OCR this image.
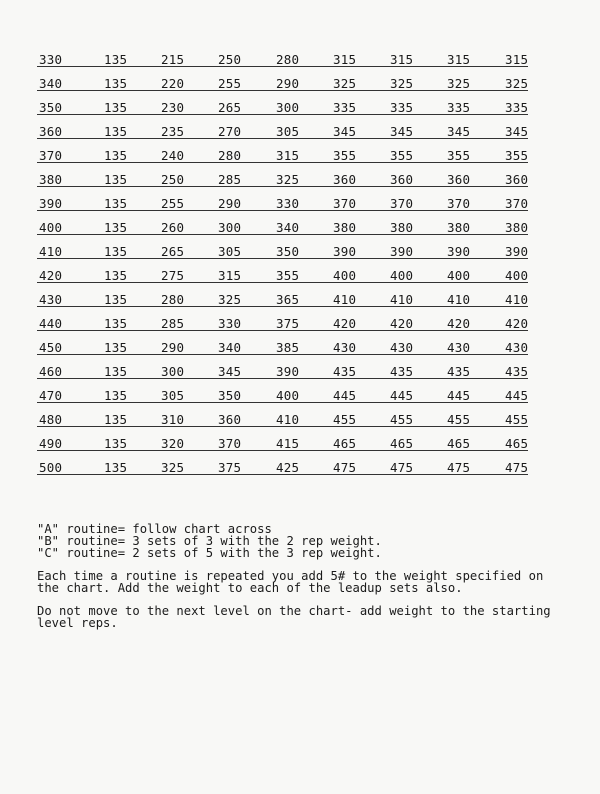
330	135	215	250	280	315	315	315	315
340	135	220	255	290	325	325	325	325
350	135	230	265	300	335	335	335	335
360	135	235	270	305	345	345	345	345
370	135	240	280	315	355	355	355	355
380	135	250	285	325	360	360	360	360
390	135	255	290	330	370	370	370	370
400	135	260	300	340	380	380	380	380
410	135	265	305	350	390	390	390	390
420	135	275	315	355	400	400	400	400
430	135	280	325	365	410	410	410	410
440	135	285	330	375	420	420	420	420
450	135	290	340	385	430	430	430	430
460	135	300	345	390	435	435	435	435
470	135	305	350	400	445	445	445	445
480	135	310	360	410	455	455	455	455
490	135	320	370	415	465	465	465	465
500	135	325	375	425	475	475	475	475

"A" routine= follow chart across

"B" routine= 3 sets of 3 with the 2 rep weight.

"C" routine= 2 sets of 5 with the 3 rep weight.

Each time a routine is repeated you add 5# to the weight specified on

the chart. Add the weight to each of the leadup sets also.

Do not move to the next level on the chart- add weight to the starting

level reps.
